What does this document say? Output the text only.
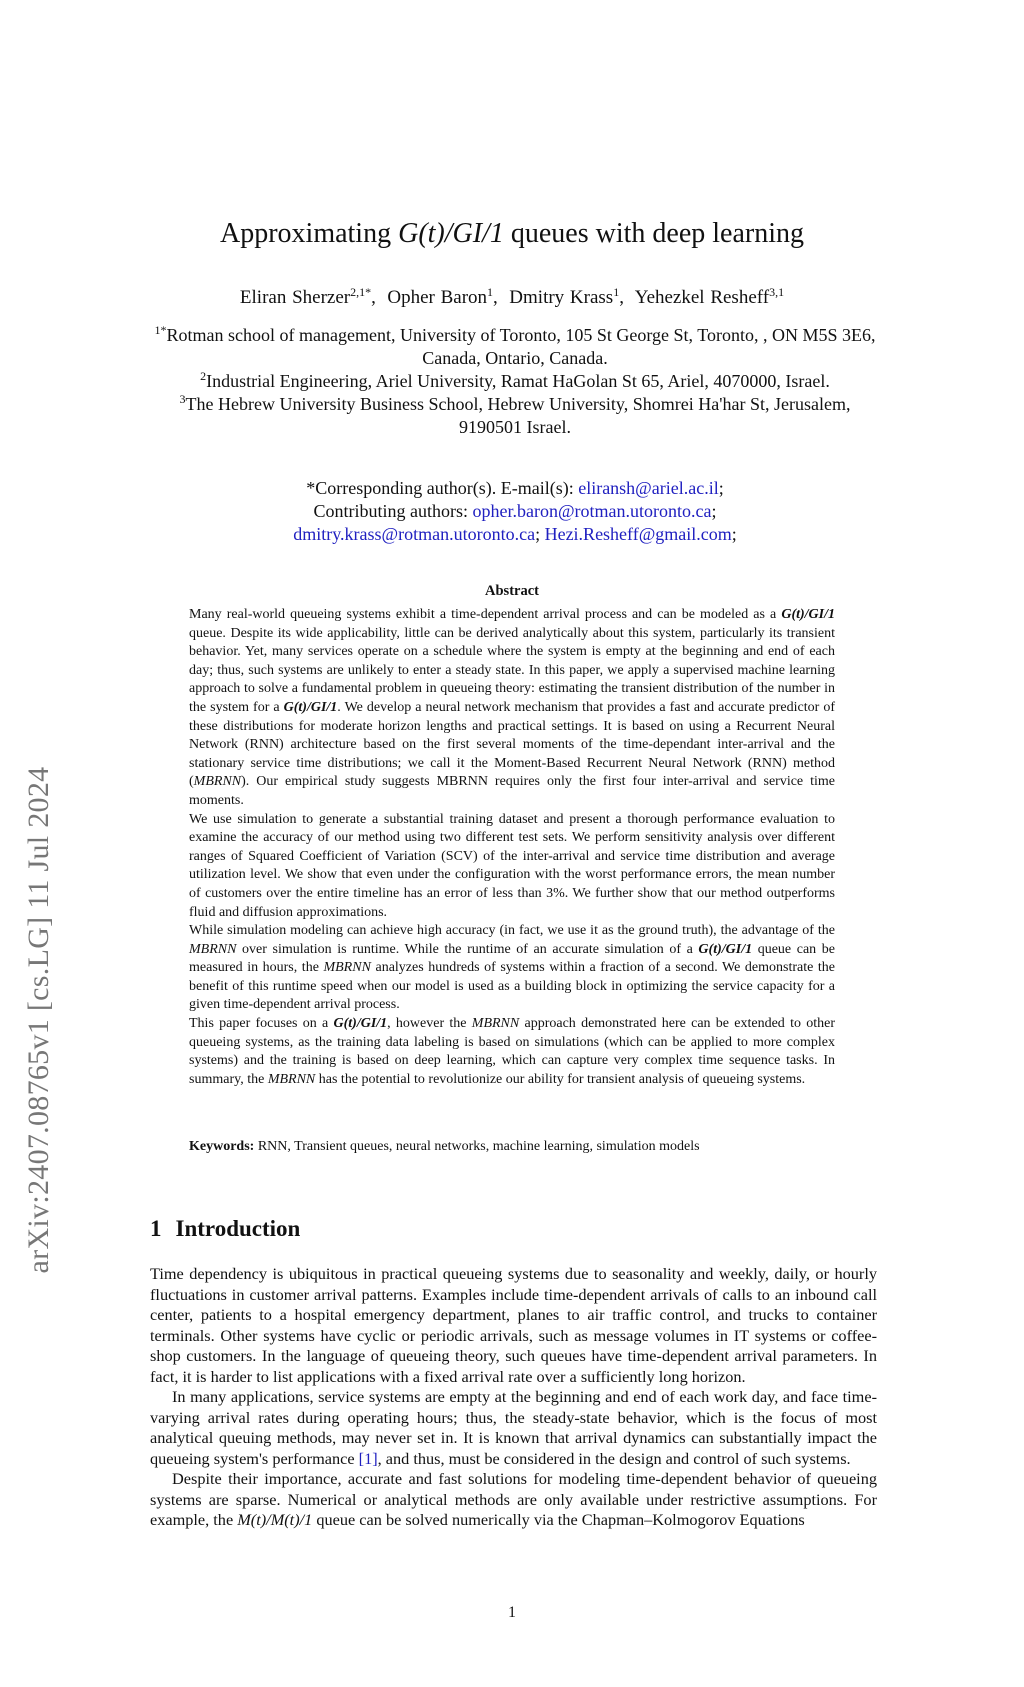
arXiv:2407.08765v1 [cs.LG] 11 Jul 2024
Approximating G(t)/GI/1 queues with deep learning
Eliran Sherzer$^{2,1*}$,  Opher Baron$^1$,  Dmitry Krass$^1$,  Yehezkel Resheff$^{3,1}$
$^{1*}$Rotman school of management, University of Toronto, 105 St George St, Toronto, , ON M5S 3E6, Canada, Ontario, Canada.
$^2$Industrial Engineering, Ariel University, Ramat HaGolan St 65, Ariel, 4070000, Israel.
$^3$The Hebrew University Business School, Hebrew University, Shomrei Ha'har St, Jerusalem, 9190501 Israel.
*Corresponding author(s). E-mail(s): eliransh@ariel.ac.il;
Contributing authors: opher.baron@rotman.utoronto.ca;
dmitry.krass@rotman.utoronto.ca; Hezi.Resheff@gmail.com;
Abstract

Many real-world queueing systems exhibit a time-dependent arrival process and can be modeled as a G(t)/GI/1 queue. Despite its wide applicability, little can be derived analytically about this system, particularly its transient behavior. Yet, many services operate on a schedule where the system is empty at the beginning and end of each day; thus, such systems are unlikely to enter a steady state. In this paper, we apply a supervised machine learning approach to solve a fundamental problem in queueing theory: estimating the transient distribution of the number in the system for a G(t)/GI/1. We develop a neural network mechanism that provides a fast and accurate predictor of these distributions for moderate horizon lengths and practical settings. It is based on using a Recurrent Neural Network (RNN) architecture based on the first several moments of the time-dependant inter-arrival and the stationary service time distributions; we call it the Moment-Based Recurrent Neural Network (RNN) method (MBRNN). Our empirical study suggests MBRNN requires only the first four inter-arrival and service time moments.

We use simulation to generate a substantial training dataset and present a thorough performance evaluation to examine the accuracy of our method using two different test sets. We perform sensitivity analysis over different ranges of Squared Coefficient of Variation (SCV) of the inter-arrival and service time distribution and average utilization level. We show that even under the configuration with the worst performance errors, the mean number of customers over the entire timeline has an error of less than 3%. We further show that our method outperforms fluid and diffusion approximations.

While simulation modeling can achieve high accuracy (in fact, we use it as the ground truth), the advantage of the MBRNN over simulation is runtime. While the runtime of an accurate simulation of a G(t)/GI/1 queue can be measured in hours, the MBRNN analyzes hundreds of systems within a fraction of a second. We demonstrate the benefit of this runtime speed when our model is used as a building block in optimizing the service capacity for a given time-dependent arrival process.

This paper focuses on a G(t)/GI/1, however the MBRNN approach demonstrated here can be extended to other queueing systems, as the training data labeling is based on simulations (which can be applied to more complex systems) and the training is based on deep learning, which can capture very complex time sequence tasks. In summary, the MBRNN has the potential to revolutionize our ability for transient analysis of queueing systems.

Keywords: RNN, Transient queues, neural networks, machine learning, simulation models
1 Introduction

Time dependency is ubiquitous in practical queueing systems due to seasonality and weekly, daily, or hourly fluctuations in customer arrival patterns. Examples include time-dependent arrivals of calls to an inbound call center, patients to a hospital emergency department, planes to air traffic control, and trucks to container terminals. Other systems have cyclic or periodic arrivals, such as message volumes in IT systems or coffee-shop customers. In the language of queueing theory, such queues have time-dependent arrival parameters. In fact, it is harder to list applications with a fixed arrival rate over a sufficiently long horizon.

In many applications, service systems are empty at the beginning and end of each work day, and face time-varying arrival rates during operating hours; thus, the steady-state behavior, which is the focus of most analytical queuing methods, may never set in. It is known that arrival dynamics can substantially impact the queueing system's performance [1], and thus, must be considered in the design and control of such systems.

Despite their importance, accurate and fast solutions for modeling time-dependent behavior of queueing systems are sparse. Numerical or analytical methods are only available under restrictive assumptions. For example, the M(t)/M(t)/1 queue can be solved numerically via the Chapman–Kolmogorov Equations

1
